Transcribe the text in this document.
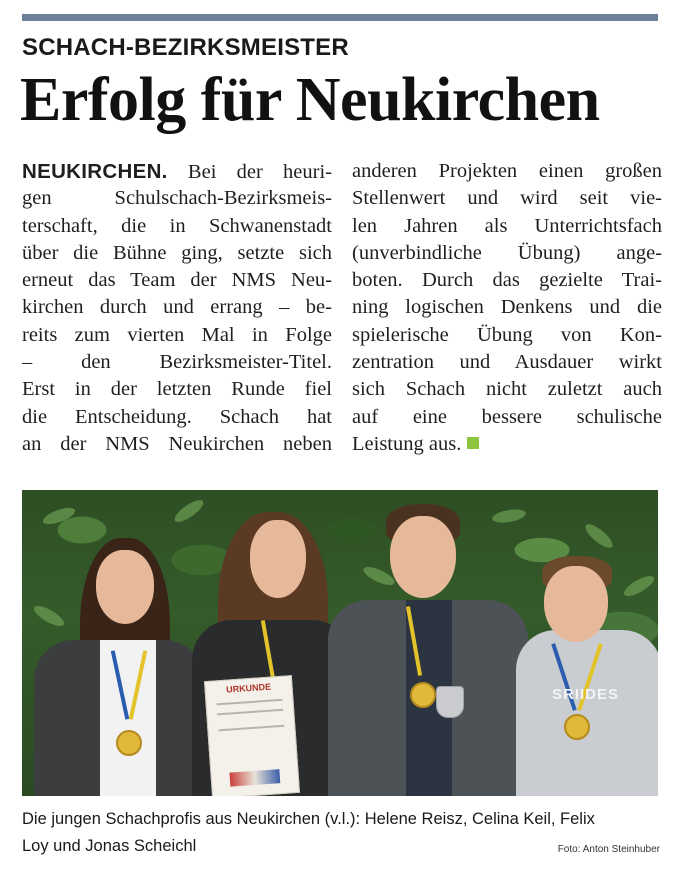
SCHACH-BEZIRKSMEISTER
Erfolg für Neukirchen
NEUKIRCHEN. Bei der heuri-
gen Schulschach-Bezirksmeis-
terschaft, die in Schwanenstadt
über die Bühne ging, setzte sich
erneut das Team der NMS Neu-
kirchen durch und errang – be-
reits zum vierten Mal in Folge
– den Bezirksmeister-Titel.
Erst in der letzten Runde fiel
die Entscheidung. Schach hat
an der NMS Neukirchen neben
anderen Projekten einen großen
Stellenwert und wird seit vie-
len Jahren als Unterrichtsfach
(unverbindliche Übung) ange-
boten. Durch das gezielte Trai-
ning logischen Denkens und die
spielerische Übung von Kon-
zentration und Ausdauer wirkt
sich Schach nicht zuletzt auch
auf eine bessere schulische
Leistung aus.
URKUNDE	SRIIDES
Die jungen Schachprofis aus Neukirchen (v.l.): Helene Reisz, Celina Keil, Felix
Loy und Jonas Scheichl	Foto: Anton Steinhuber
